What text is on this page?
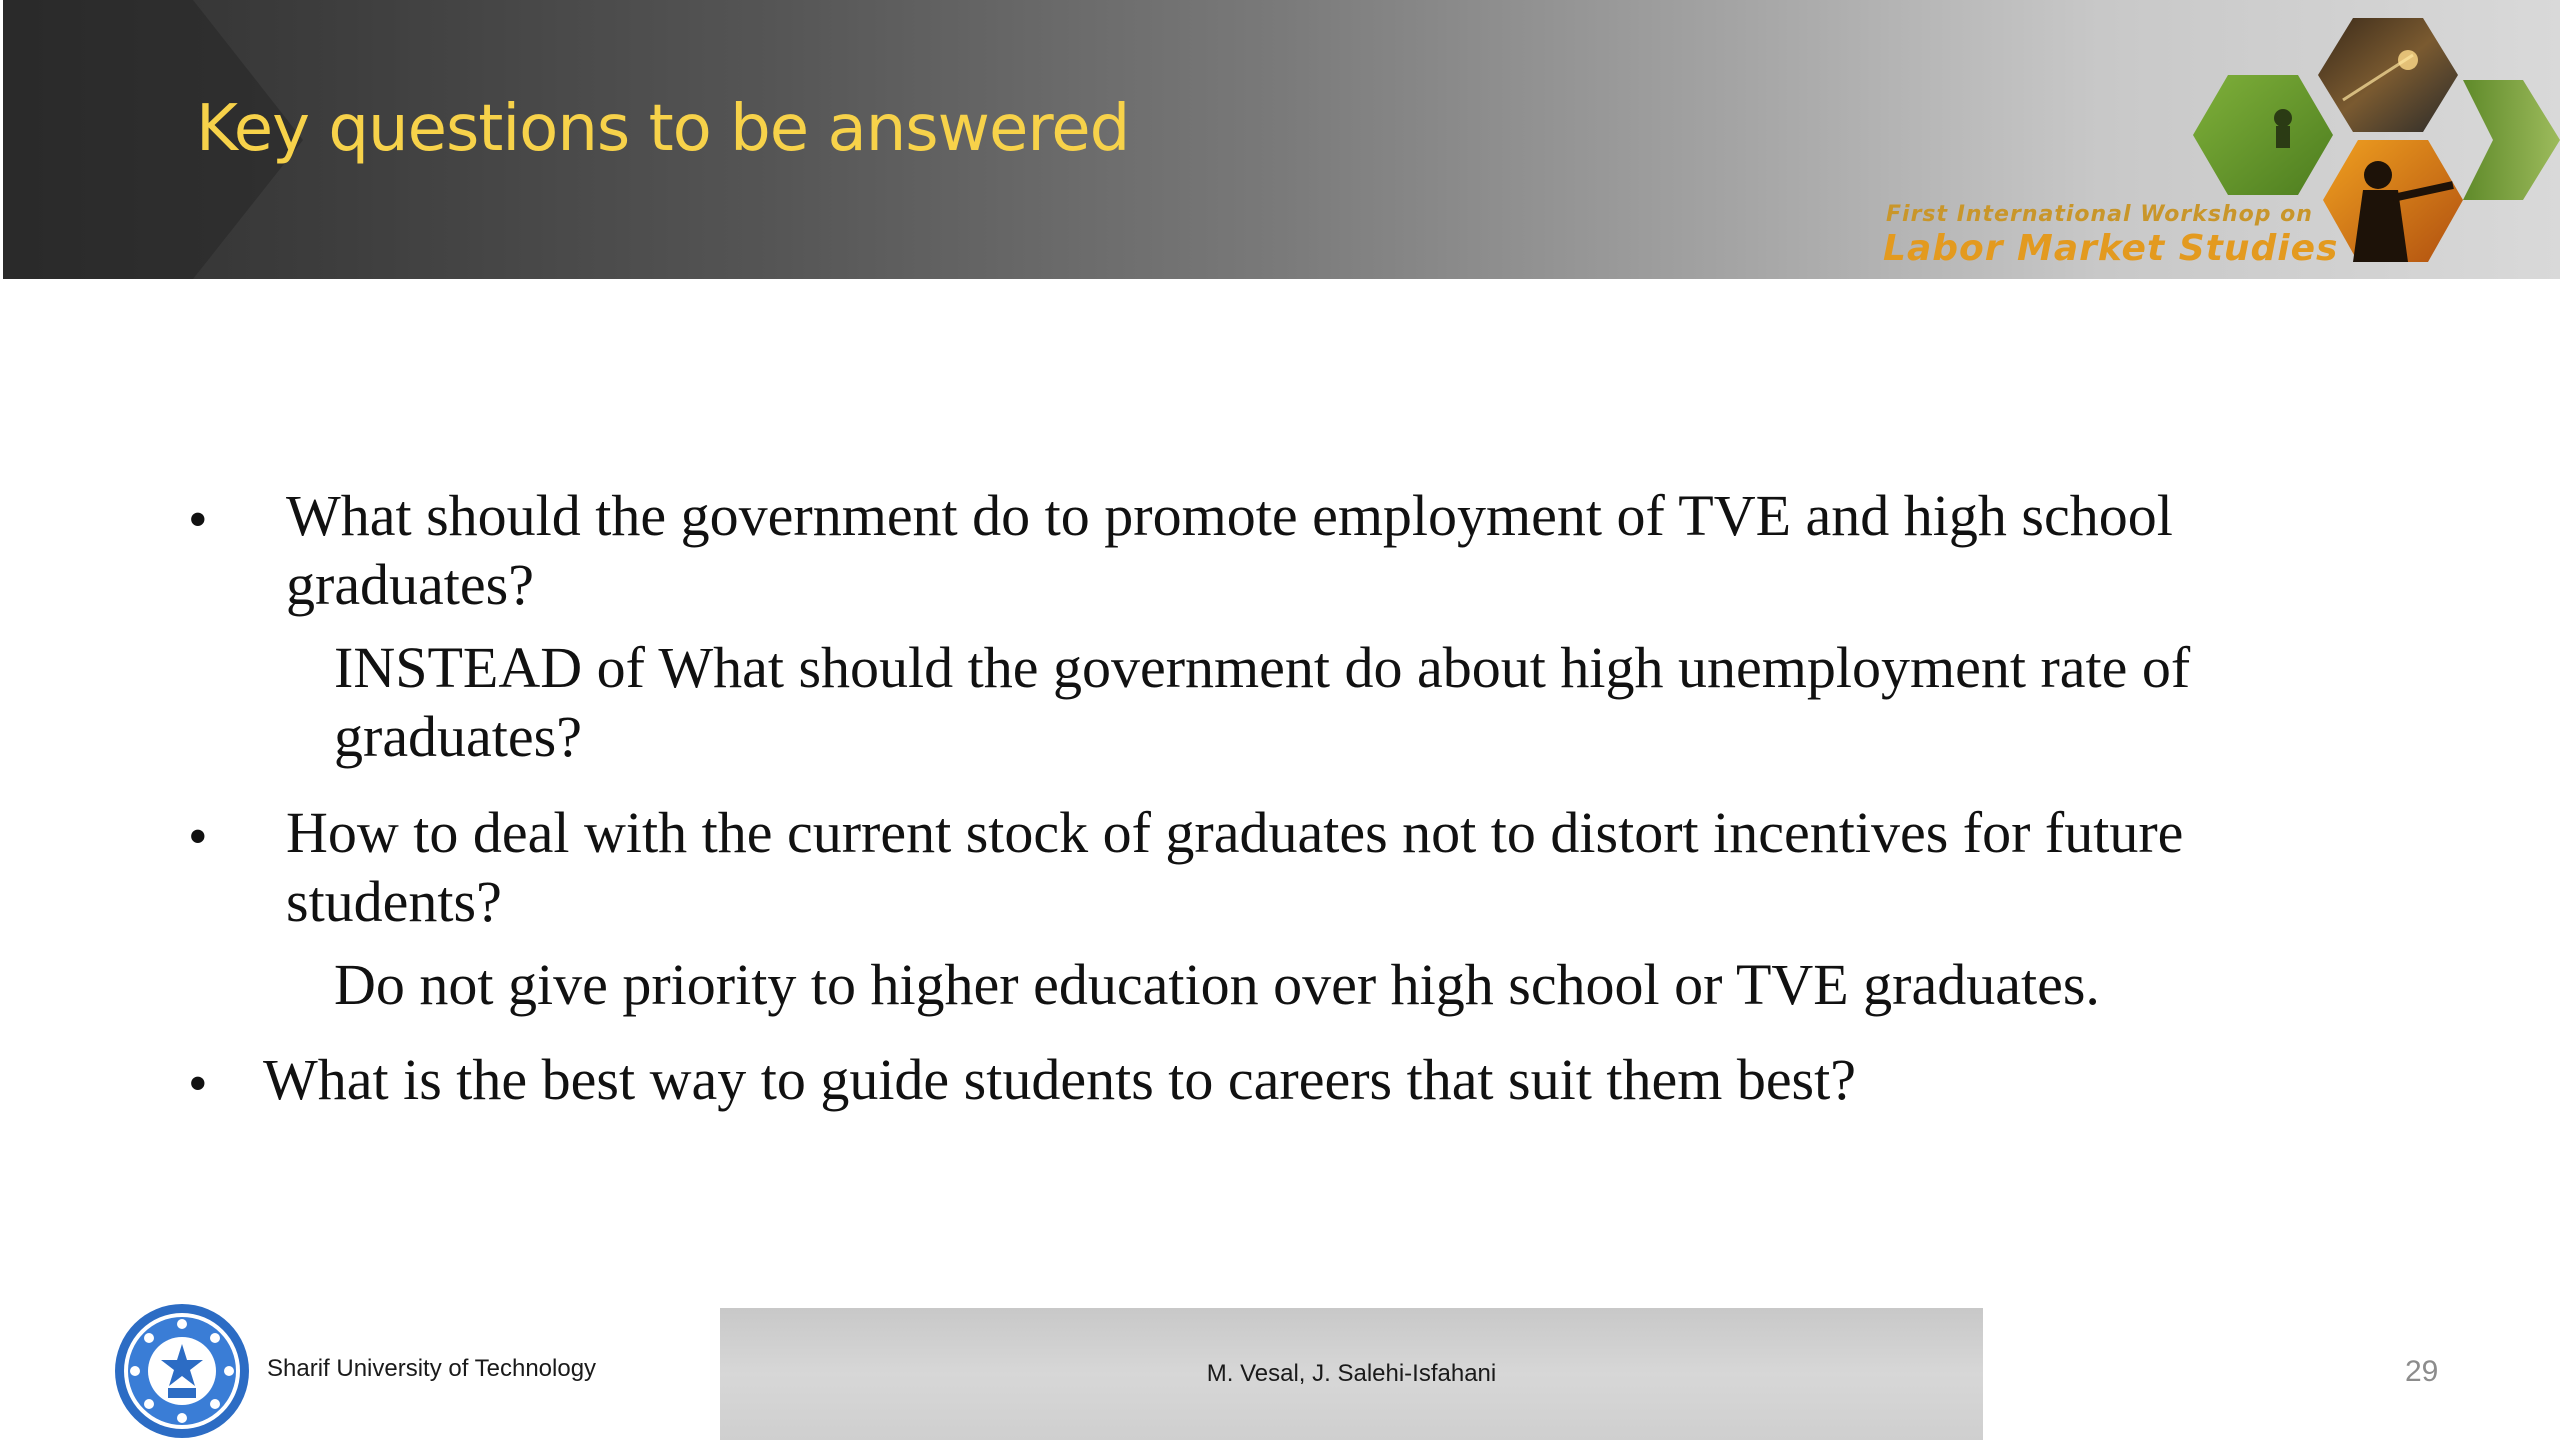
First International Workshop on
Labor Market Studies
Key questions to be answered
• What should the government do to promote employment of TVE and high school
graduates?
INSTEAD of What should the government do about high unemployment rate of
graduates?
• How to deal with the current stock of graduates not to distort incentives for future
students?
Do not give priority to higher education over high school or TVE graduates.
• What is the best way to guide students to careers that suit them best?
Sharif University of Technology	M. Vesal, J. Salehi-Isfahani	29
